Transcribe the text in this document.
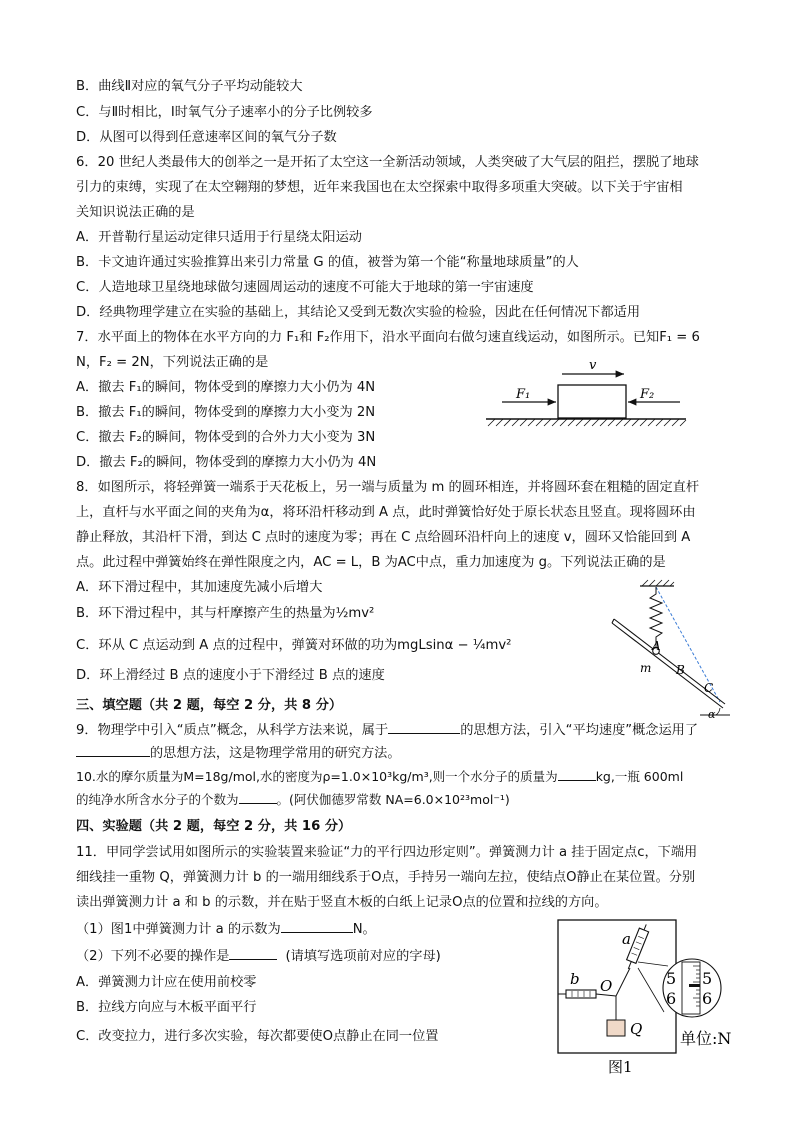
B．曲线Ⅱ对应的氧气分子平均动能较大
C．与Ⅱ时相比，Ⅰ时氧气分子速率小的分子比例较多
D．从图可以得到任意速率区间的氧气分子数
6．20 世纪人类最伟大的创举之一是开拓了太空这一全新活动领域，人类突破了大气层的阻拦，摆脱了地球
引力的束缚，实现了在太空翱翔的梦想，近年来我国也在太空探索中取得多项重大突破。以下关于宇宙相
关知识说法正确的是
A．开普勒行星运动定律只适用于行星绕太阳运动
B．卡文迪许通过实验推算出来引力常量 G 的值，被誉为第一个能“称量地球质量”的人
C．人造地球卫星绕地球做匀速圆周运动的速度不可能大于地球的第一宇宙速度
D．经典物理学建立在实验的基础上，其结论又受到无数次实验的检验，因此在任何情况下都适用
7．水平面上的物体在水平方向的力 F₁和 F₂作用下，沿水平面向右做匀速直线运动，如图所示。已知F₁ = 6
N，F₂ = 2N，下列说法正确的是
A．撤去 F₁的瞬间，物体受到的摩擦力大小仍为 4N
B．撤去 F₁的瞬间，物体受到的摩擦力大小变为 2N
C．撤去 F₂的瞬间，物体受到的合外力大小变为 3N
D．撤去 F₂的瞬间，物体受到的摩擦力大小仍为 4N
v
F₁	F₂
8．如图所示，将轻弹簧一端系于天花板上，另一端与质量为 m 的圆环相连，并将圆环套在粗糙的固定直杆
上，直杆与水平面之间的夹角为α，将环沿杆移动到 A 点，此时弹簧恰好处于原长状态且竖直。现将圆环由
静止释放，其沿杆下滑，到达 C 点时的速度为零；再在 C 点给圆环沿杆向上的速度 v，圆环又恰能回到 A
点。此过程中弹簧始终在弹性限度之内，AC = L，B 为AC中点，重力加速度为 g。下列说法正确的是
A．环下滑过程中，其加速度先减小后增大
B．环下滑过程中，其与杆摩擦产生的热量为½mv²
C．环从 C 点运动到 A 点的过程中，弹簧对环做的功为mgLsinα − ¼mv²
D．环上滑经过 B 点的速度小于下滑经过 B 点的速度
A
m B
C
α
三、填空题（共 2 题，每空 2 分，共 8 分）
9．物理学中引入“质点”概念，从科学方法来说，属于	的思想方法，引入“平均速度”概念运用了
的思想方法，这是物理学常用的研究方法。
10.水的摩尔质量为M=18g/mol,水的密度为ρ=1.0×10³kg/m³,则一个水分子的质量为	kg,一瓶 600ml
的纯净水所含水分子的个数为	。(阿伏伽德罗常数 NA=6.0×10²³mol⁻¹)
四、实验题（共 2 题，每空 2 分，共 16 分）
11．甲同学尝试用如图所示的实验装置来验证“力的平行四边形定则”。弹簧测力计 a 挂于固定点c，下端用
细线挂一重物 Q，弹簧测力计 b 的一端用细线系于O点，手持另一端向左拉，使结点O静止在某位置。分别
读出弹簧测力计 a 和 b 的示数，并在贴于竖直木板的白纸上记录O点的位置和拉线的方向。
（1）图1中弹簧测力计 a 的示数为	N。
（2）下列不必要的操作是	(请填写选项前对应的字母)
A．弹簧测力计应在使用前校零
B．拉线方向应与木板平面平行
C．改变拉力，进行多次实验，每次都要使O点静止在同一位置
a
b O
Q
5
6
5
6
单位:N
图1
